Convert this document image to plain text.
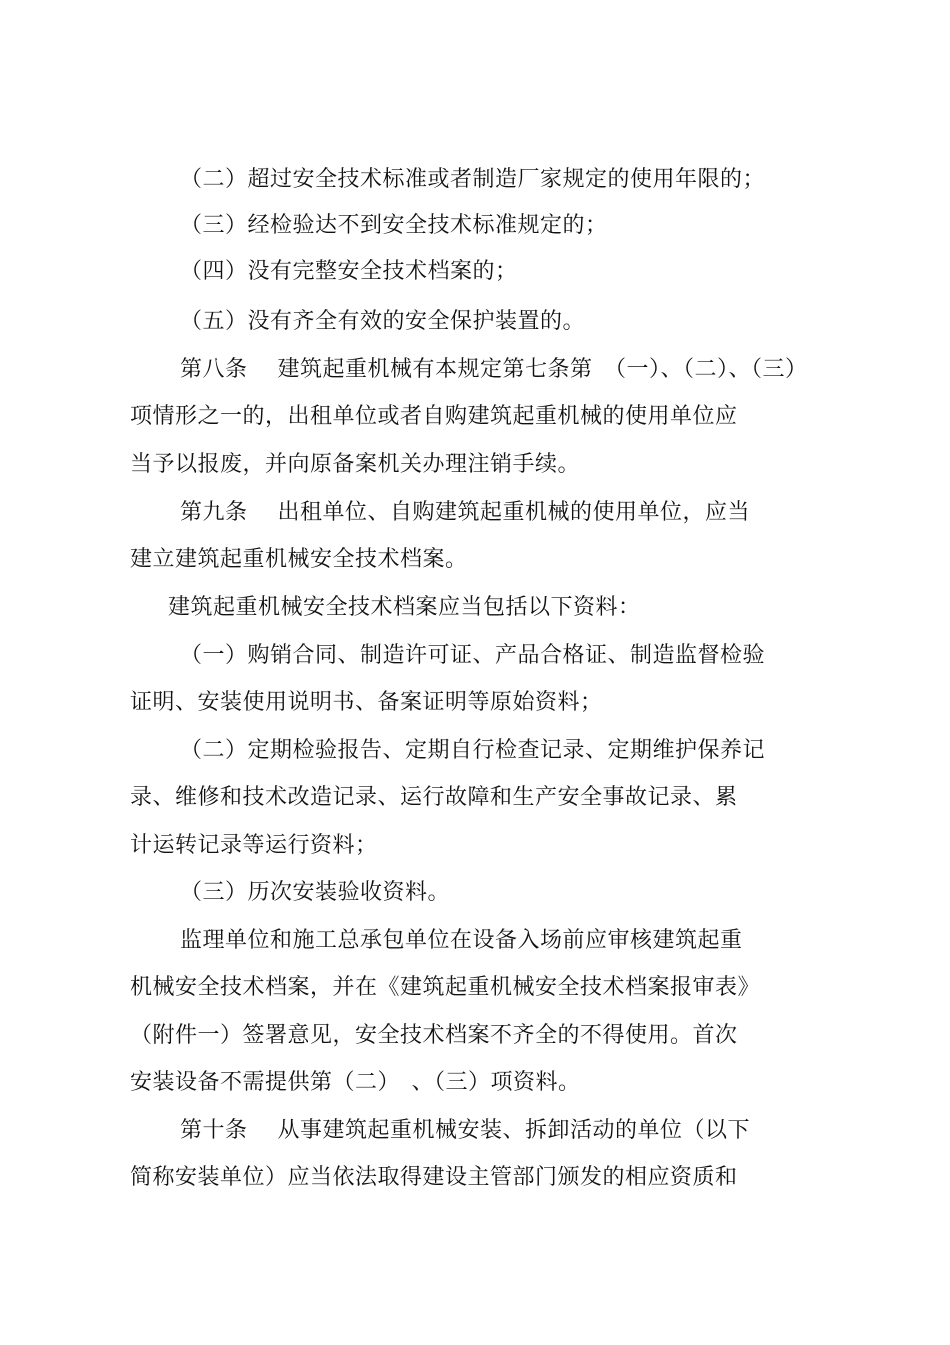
（二）超过安全技术标准或者制造厂家规定的使用年限的；
（三）经检验达不到安全技术标准规定的；
（四）没有完整安全技术档案的；
（五）没有齐全有效的安全保护装置的。
第八条　 建筑起重机械有本规定第七条第　（一）、（二）、（三）
项情形之一的，出租单位或者自购建筑起重机械的使用单位应
当予以报废，并向原备案机关办理注销手续。
第九条　 出租单位、自购建筑起重机械的使用单位，应当
建立建筑起重机械安全技术档案。
建筑起重机械安全技术档案应当包括以下资料：
（一）购销合同、制造许可证、产品合格证、制造监督检验
证明、安装使用说明书、备案证明等原始资料；
（二）定期检验报告、定期自行检查记录、定期维护保养记
录、维修和技术改造记录、运行故障和生产安全事故记录、累
计运转记录等运行资料；
（三）历次安装验收资料。
监理单位和施工总承包单位在设备入场前应审核建筑起重
机械安全技术档案，并在《建筑起重机械安全技术档案报审表》
（附件一）签署意见，安全技术档案不齐全的不得使用。首次
安装设备不需提供第（二）　、（三）项资料。
第十条　 从事建筑起重机械安装、拆卸活动的单位（以下
简称安装单位）应当依法取得建设主管部门颁发的相应资质和
